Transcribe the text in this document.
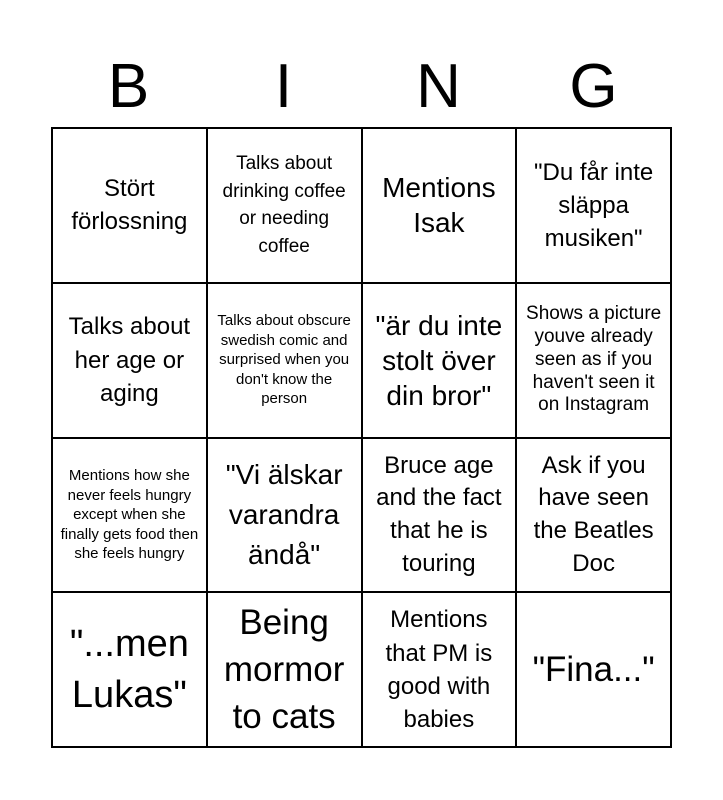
B	I	N	G
Stört förlossning
Talks about drinking coffee or needing coffee
Mentions Isak
"Du får inte släppa musiken"
Talks about her age or aging
Talks about obscure swedish comic and surprised when you don't know the person
"är du inte stolt över din bror"
Shows a picture youve already seen as if you haven't seen it on Instagram
Mentions how she never feels hungry except when she finally gets food then she feels hungry
"Vi älskar varandra ändå"
Bruce age and the fact that he is touring
Ask if you have seen the Beatles Doc
"...men Lukas"
Being mormor to cats
Mentions that PM is good with babies
"Fina..."
